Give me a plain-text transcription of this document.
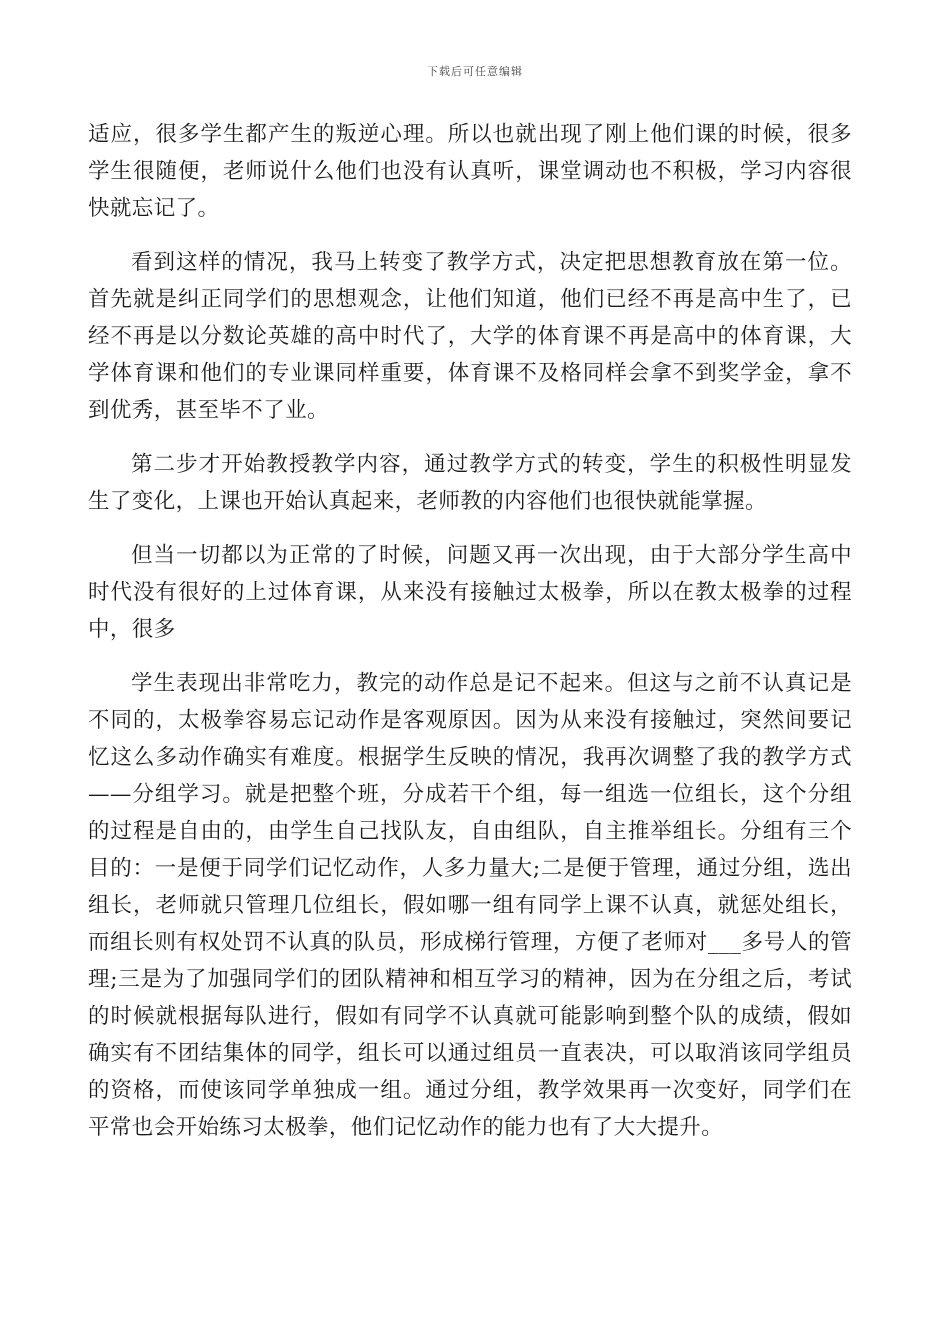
下载后可任意编辑

适应，很多学生都产生的叛逆心理。所以也就出现了刚上他们课的时候，很多学生很随便，老师说什么他们也没有认真听，课堂调动也不积极，学习内容很快就忘记了。

看到这样的情况，我马上转变了教学方式，决定把思想教育放在第一位。首先就是纠正同学们的思想观念，让他们知道，他们已经不再是高中生了，已经不再是以分数论英雄的高中时代了，大学的体育课不再是高中的体育课，大学体育课和他们的专业课同样重要，体育课不及格同样会拿不到奖学金，拿不到优秀，甚至毕不了业。

第二步才开始教授教学内容，通过教学方式的转变，学生的积极性明显发生了变化，上课也开始认真起来，老师教的内容他们也很快就能掌握。

但当一切都以为正常的了时候，问题又再一次出现，由于大部分学生高中时代没有很好的上过体育课，从来没有接触过太极拳，所以在教太极拳的过程中，很多

学生表现出非常吃力，教完的动作总是记不起来。但这与之前不认真记是不同的，太极拳容易忘记动作是客观原因。因为从来没有接触过，突然间要记忆这么多动作确实有难度。根据学生反映的情况，我再次调整了我的教学方式——分组学习。就是把整个班，分成若干个组，每一组选一位组长，这个分组的过程是自由的，由学生自己找队友，自由组队，自主推举组长。分组有三个目的：一是便于同学们记忆动作，人多力量大;二是便于管理，通过分组，选出组长，老师就只管理几位组长，假如哪一组有同学上课不认真，就惩处组长，而组长则有权处罚不认真的队员，形成梯行管理，方便了老师对___多号人的管理;三是为了加强同学们的团队精神和相互学习的精神，因为在分组之后，考试的时候就根据每队进行，假如有同学不认真就可能影响到整个队的成绩，假如确实有不团结集体的同学，组长可以通过组员一直表决，可以取消该同学组员的资格，而使该同学单独成一组。通过分组，教学效果再一次变好，同学们在平常也会开始练习太极拳，他们记忆动作的能力也有了大大提升。
